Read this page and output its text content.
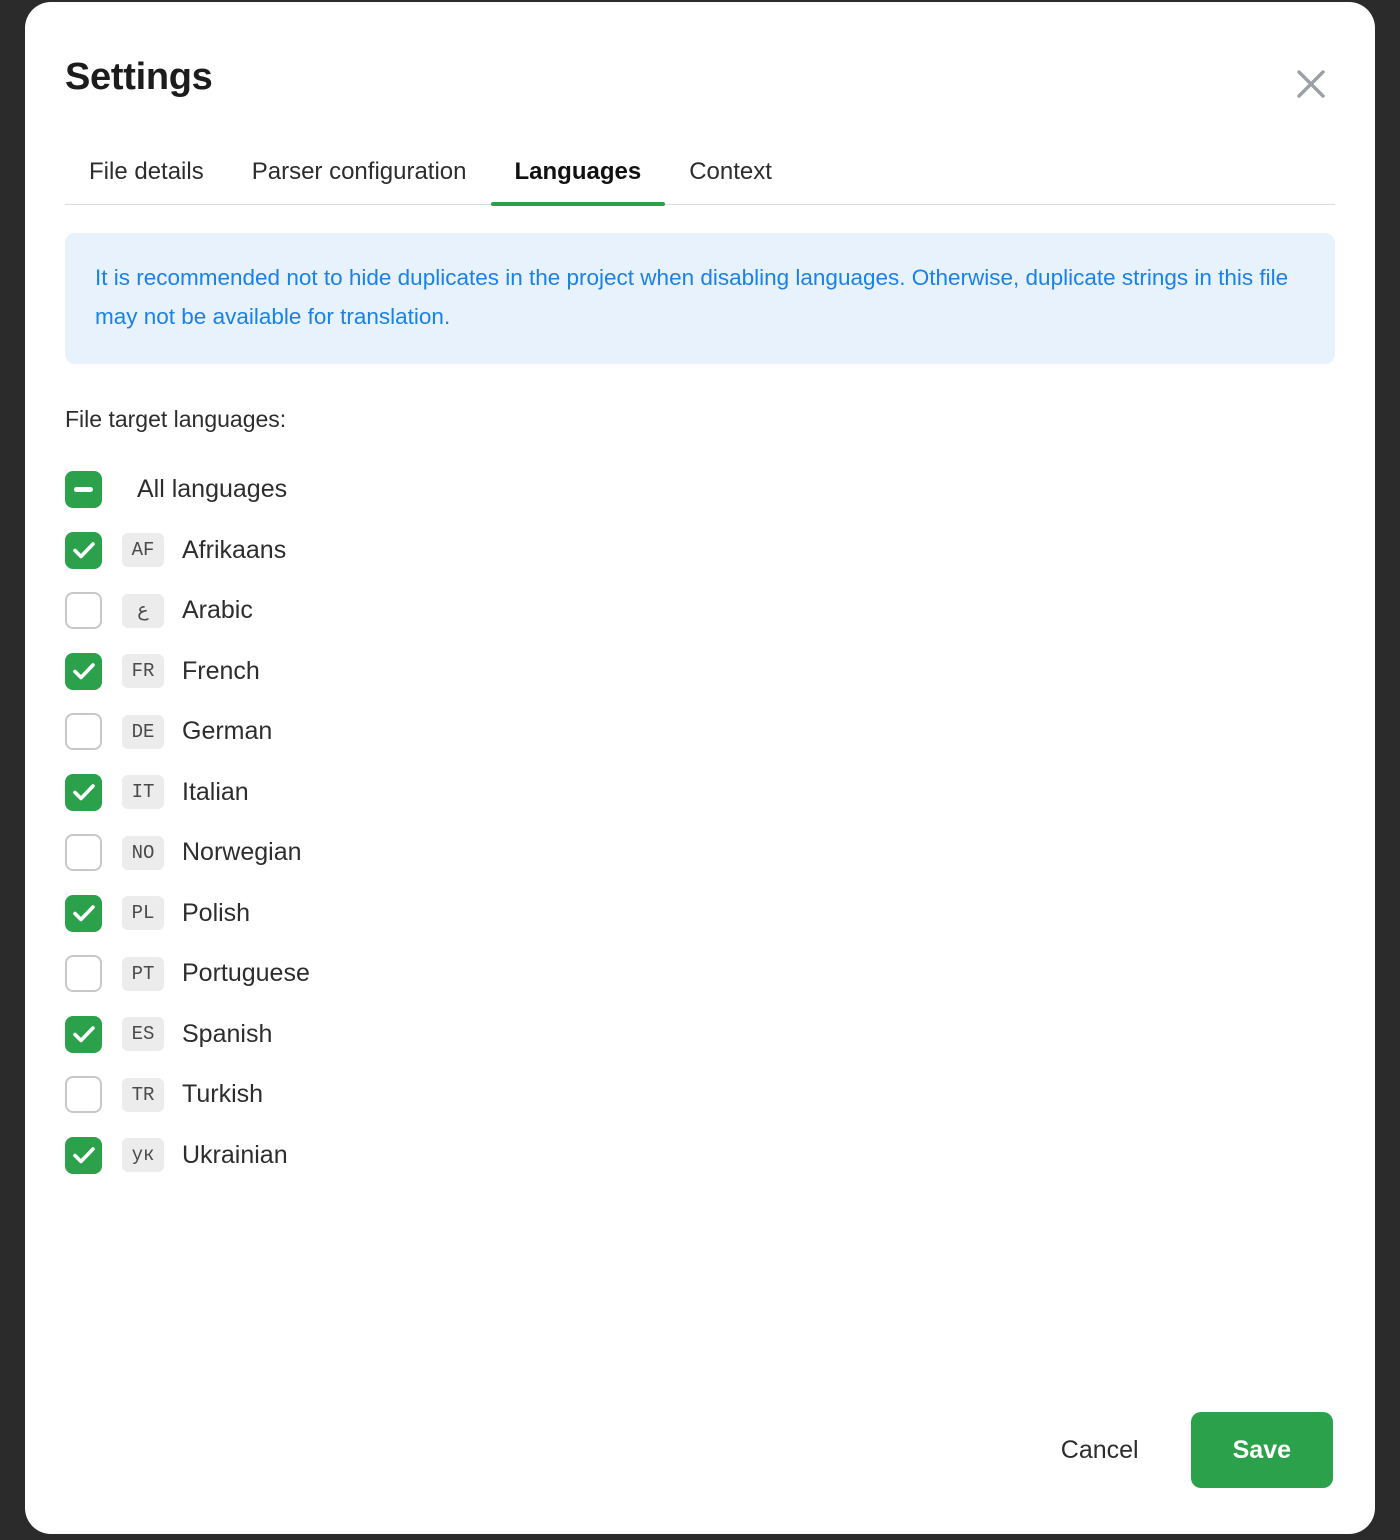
Settings
File details	Parser configuration	Languages	Context

It is recommended not to hide duplicates in the project when disabling languages. Otherwise, duplicate strings in this file may not be available for translation.

File target languages:
All languages
AF	Afrikaans
ع	Arabic
FR	French
DE	German
IT	Italian
NO	Norwegian
PL	Polish
PT	Portuguese
ES	Spanish
TR	Turkish
ук	Ukrainian
Cancel	Save
